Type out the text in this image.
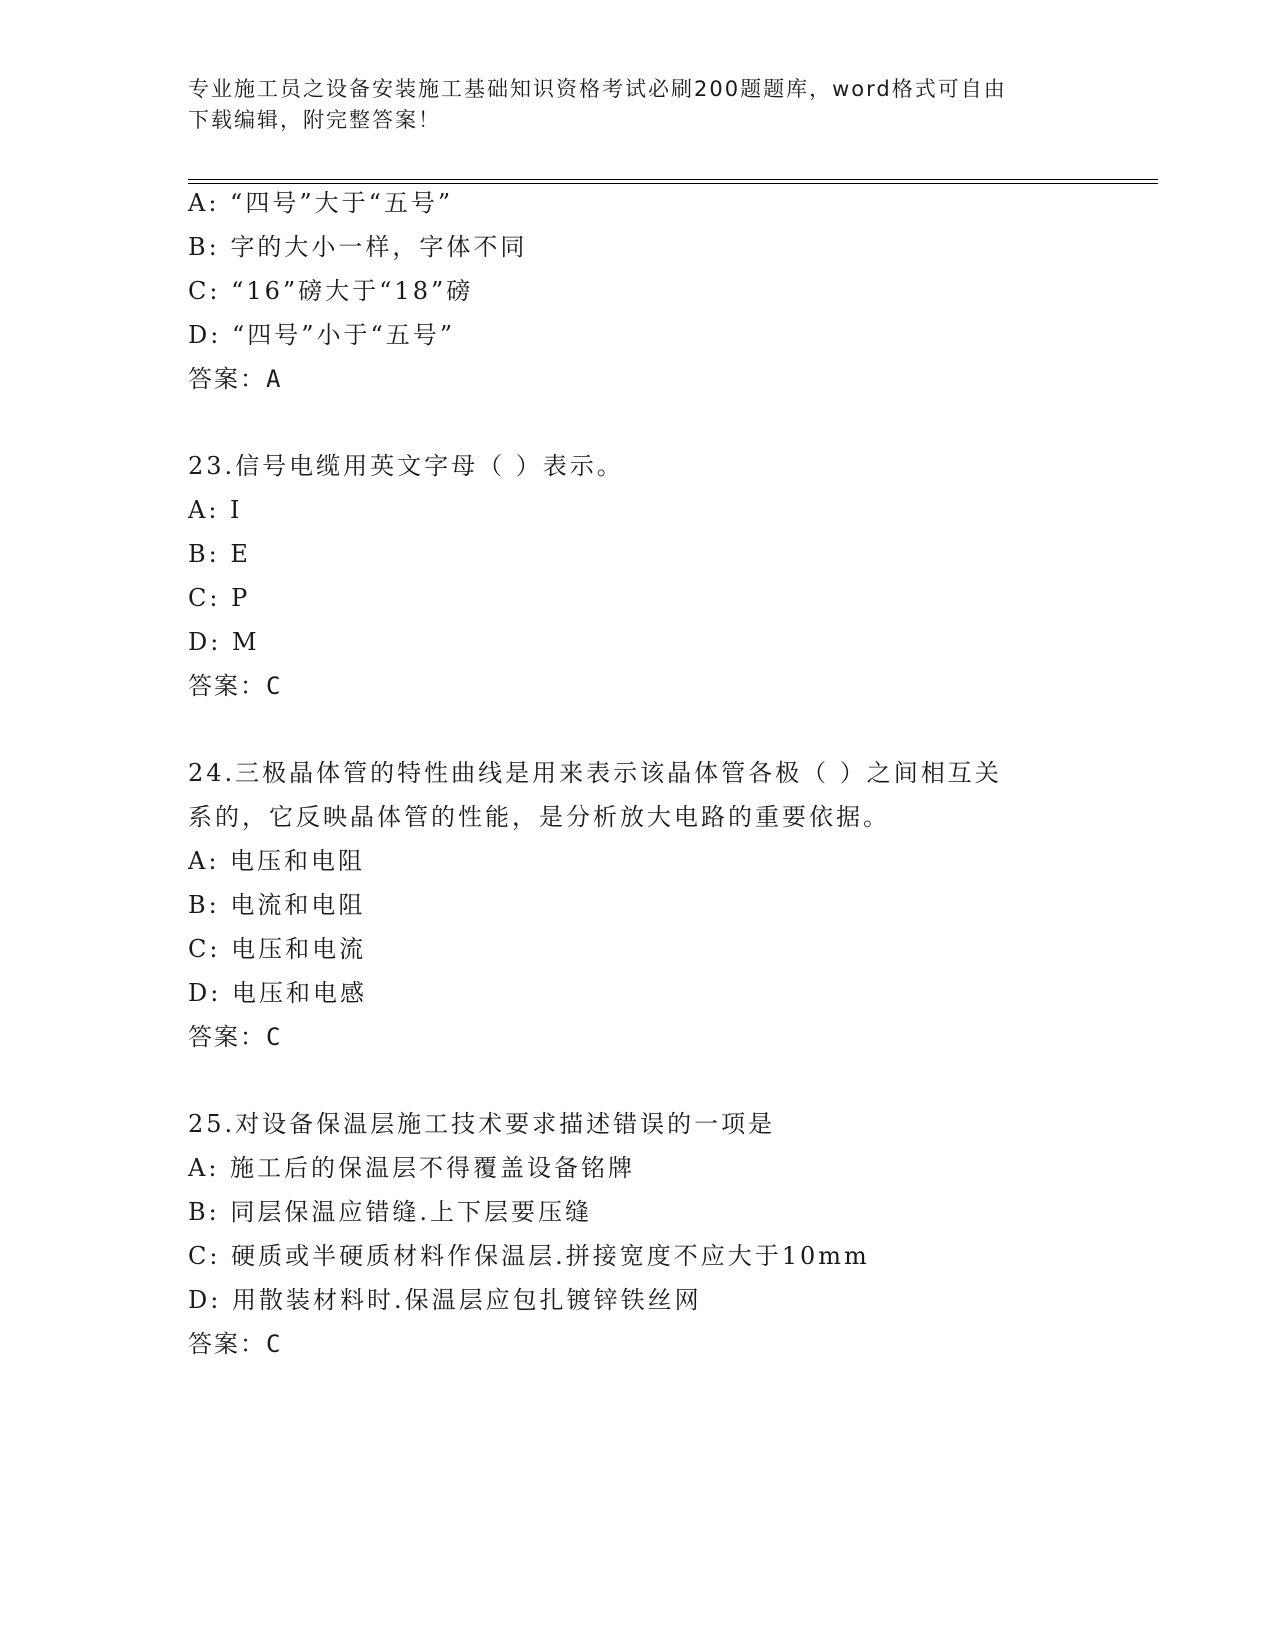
专业施工员之设备安装施工基础知识资格考试必刷200题题库，word格式可自由
下载编辑，附完整答案！
A: “四号”大于“五号”
B: 字的大小一样，字体不同
C: “16”磅大于“18”磅
D: “四号”小于“五号”
答案：A
23.信号电缆用英文字母（ ）表示。
A: I
B: E
C: P
D: M
答案：C
24.三极晶体管的特性曲线是用来表示该晶体管各极（ ）之间相互关
系的，它反映晶体管的性能，是分析放大电路的重要依据。
A: 电压和电阻
B: 电流和电阻
C: 电压和电流
D: 电压和电感
答案：C
25.对设备保温层施工技术要求描述错误的一项是
A: 施工后的保温层不得覆盖设备铭牌
B: 同层保温应错缝.上下层要压缝
C: 硬质或半硬质材料作保温层.拼接宽度不应大于10mm
D: 用散装材料时.保温层应包扎镀锌铁丝网
答案：C
